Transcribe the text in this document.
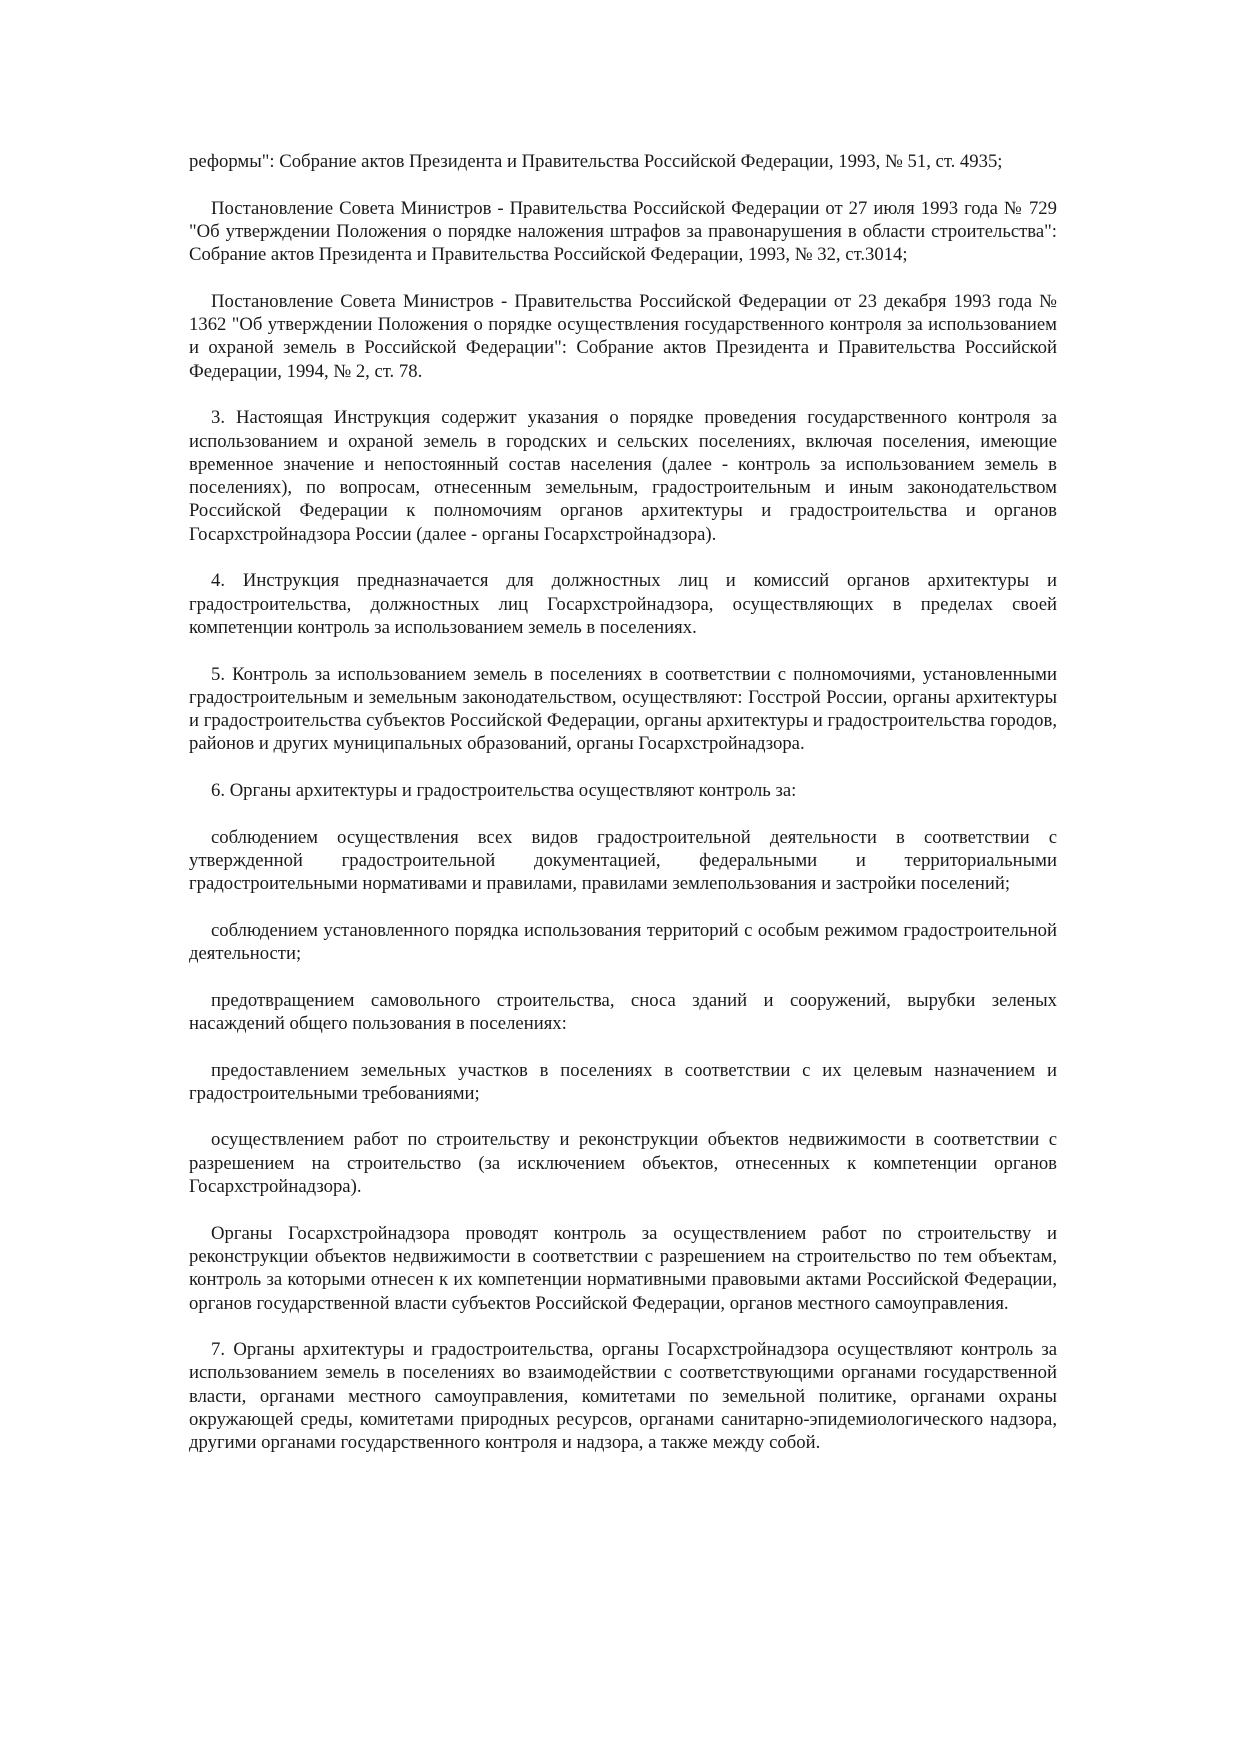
реформы": Собрание актов Президента и Правительства Российской Федерации, 1993, № 51, ст. 4935;

Постановление Совета Министров - Правительства Российской Федерации от 27 июля 1993 года № 729 "Об утверждении Положения о порядке наложения штрафов за правонарушения в области строительства": Собрание актов Президента и Правительства Российской Федерации, 1993, № 32, ст.3014;

Постановление Совета Министров - Правительства Российской Федерации от 23 декабря 1993 года № 1362 "Об утверждении Положения о порядке осуществления государственного контроля за использованием и охраной земель в Российской Федерации": Собрание актов Президента и Правительства Российской Федерации, 1994, № 2, ст. 78.

3. Настоящая Инструкция содержит указания о порядке проведения государственного контроля за использованием и охраной земель в городских и сельских поселениях, включая поселения, имеющие временное значение и непостоянный состав населения (далее - контроль за использованием земель в поселениях), по вопросам, отнесенным земельным, градостроительным и иным законодательством Российской Федерации к полномочиям органов архитектуры и градостроительства и органов Госархстройнадзора России (далее - органы Госархстройнадзора).

4. Инструкция предназначается для должностных лиц и комиссий органов архитектуры и градостроительства, должностных лиц Госархстройнадзора, осуществляющих в пределах своей компетенции контроль за использованием земель в поселениях.

5. Контроль за использованием земель в поселениях в соответствии с полномочиями, установленными градостроительным и земельным законодательством, осуществляют: Госстрой России, органы архитектуры и градостроительства субъектов Российской Федерации, органы архитектуры и градостроительства городов, районов и других муниципальных образований, органы Госархстройнадзора.

6. Органы архитектуры и градостроительства осуществляют контроль за:

соблюдением осуществления всех видов градостроительной деятельности в соответствии с утвержденной градостроительной документацией, федеральными и территориальными градостроительными нормативами и правилами, правилами землепользования и застройки поселений;

соблюдением установленного порядка использования территорий с особым режимом градостроительной деятельности;

предотвращением самовольного строительства, сноса зданий и сооружений, вырубки зеленых насаждений общего пользования в поселениях:

предоставлением земельных участков в поселениях в соответствии с их целевым назначением и градостроительными требованиями;

осуществлением работ по строительству и реконструкции объектов недвижимости в соответствии с разрешением на строительство (за исключением объектов, отнесенных к компетенции органов Госархстройнадзора).

Органы Госархстройнадзора проводят контроль за осуществлением работ по строительству и реконструкции объектов недвижимости в соответствии с разрешением на строительство по тем объектам, контроль за которыми отнесен к их компетенции нормативными правовыми актами Российской Федерации, органов государственной власти субъектов Российской Федерации, органов местного самоуправления.

7. Органы архитектуры и градостроительства, органы Госархстройнадзора осуществляют контроль за использованием земель в поселениях во взаимодействии с соответствующими органами государственной власти, органами местного самоуправления, комитетами по земельной политике, органами охраны окружающей среды, комитетами природных ресурсов, органами санитарно-эпидемиологического надзора, другими органами государственного контроля и надзора, а также между собой.
